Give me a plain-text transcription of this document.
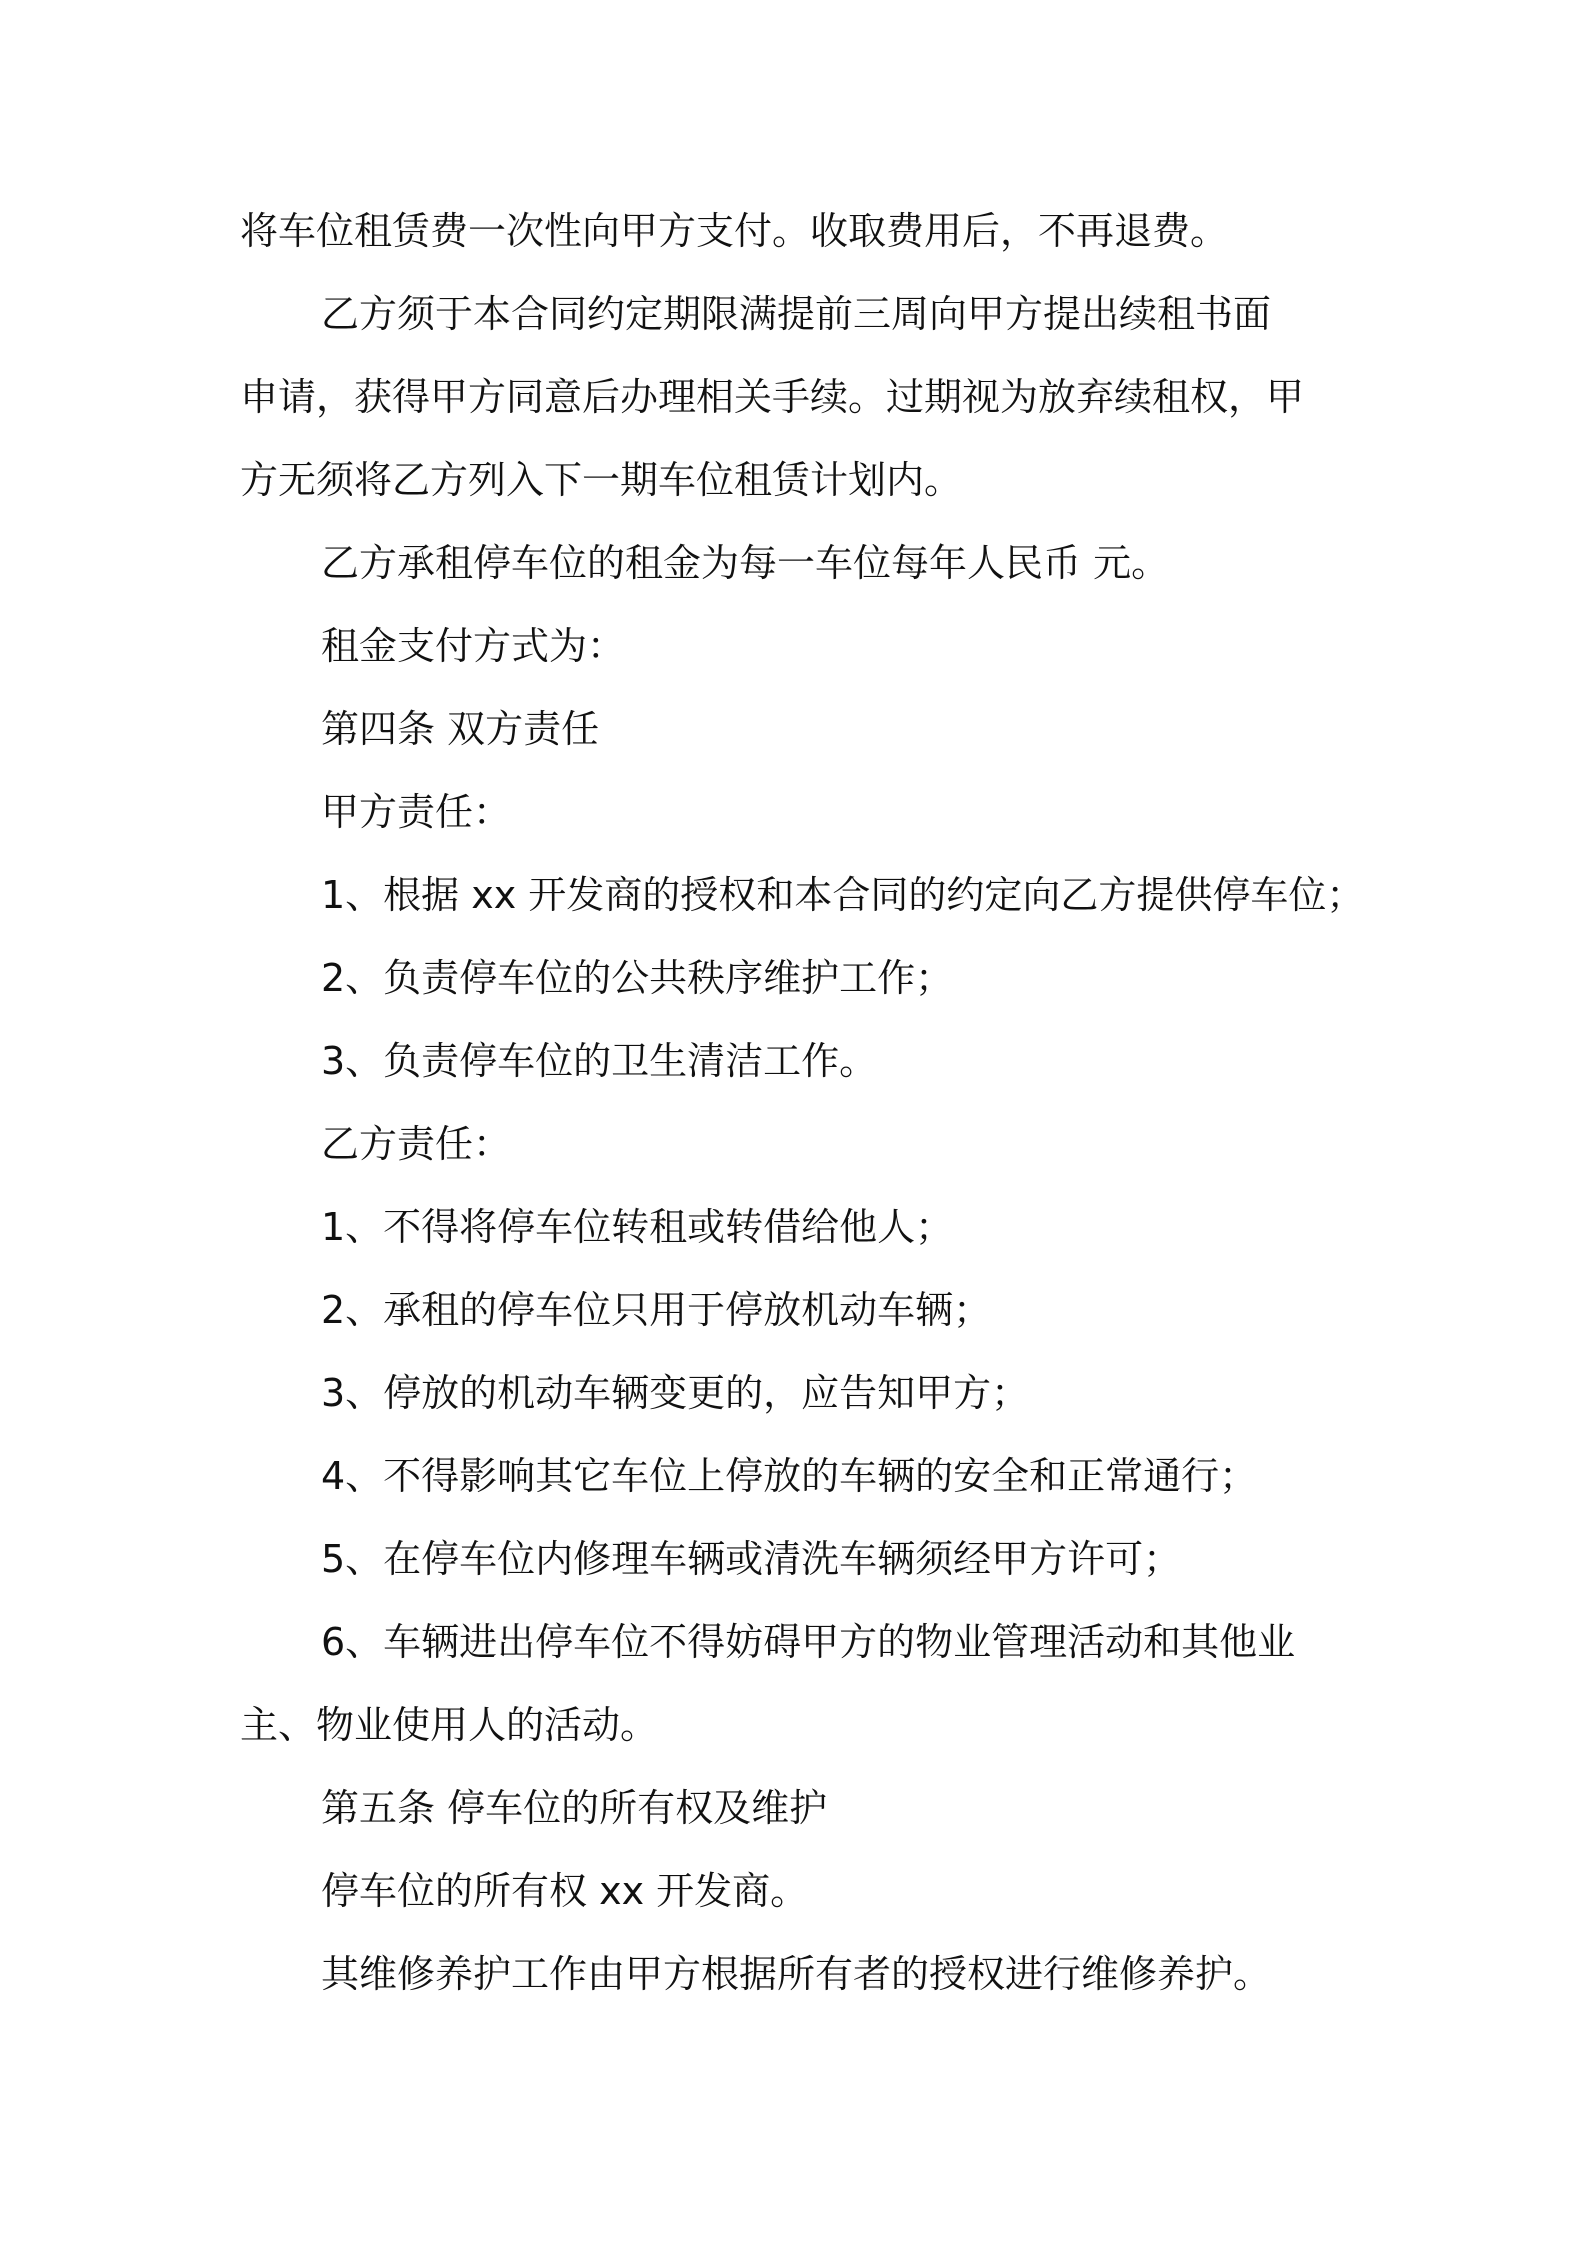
将车位租赁费一次性向甲方支付。收取费用后，不再退费。
乙方须于本合同约定期限满提前三周向甲方提出续租书面
申请，获得甲方同意后办理相关手续。过期视为放弃续租权，甲
方无须将乙方列入下一期车位租赁计划内。
乙方承租停车位的租金为每一车位每年人民币 元。
租金支付方式为：
第四条 双方责任
甲方责任：
1、根据 xx 开发商的授权和本合同的约定向乙方提供停车位；
2、负责停车位的公共秩序维护工作；
3、负责停车位的卫生清洁工作。
乙方责任：
1、不得将停车位转租或转借给他人；
2、承租的停车位只用于停放机动车辆；
3、停放的机动车辆变更的，应告知甲方；
4、不得影响其它车位上停放的车辆的安全和正常通行；
5、在停车位内修理车辆或清洗车辆须经甲方许可；
6、车辆进出停车位不得妨碍甲方的物业管理活动和其他业
主、物业使用人的活动。
第五条 停车位的所有权及维护
停车位的所有权 xx 开发商。
其维修养护工作由甲方根据所有者的授权进行维修养护。
